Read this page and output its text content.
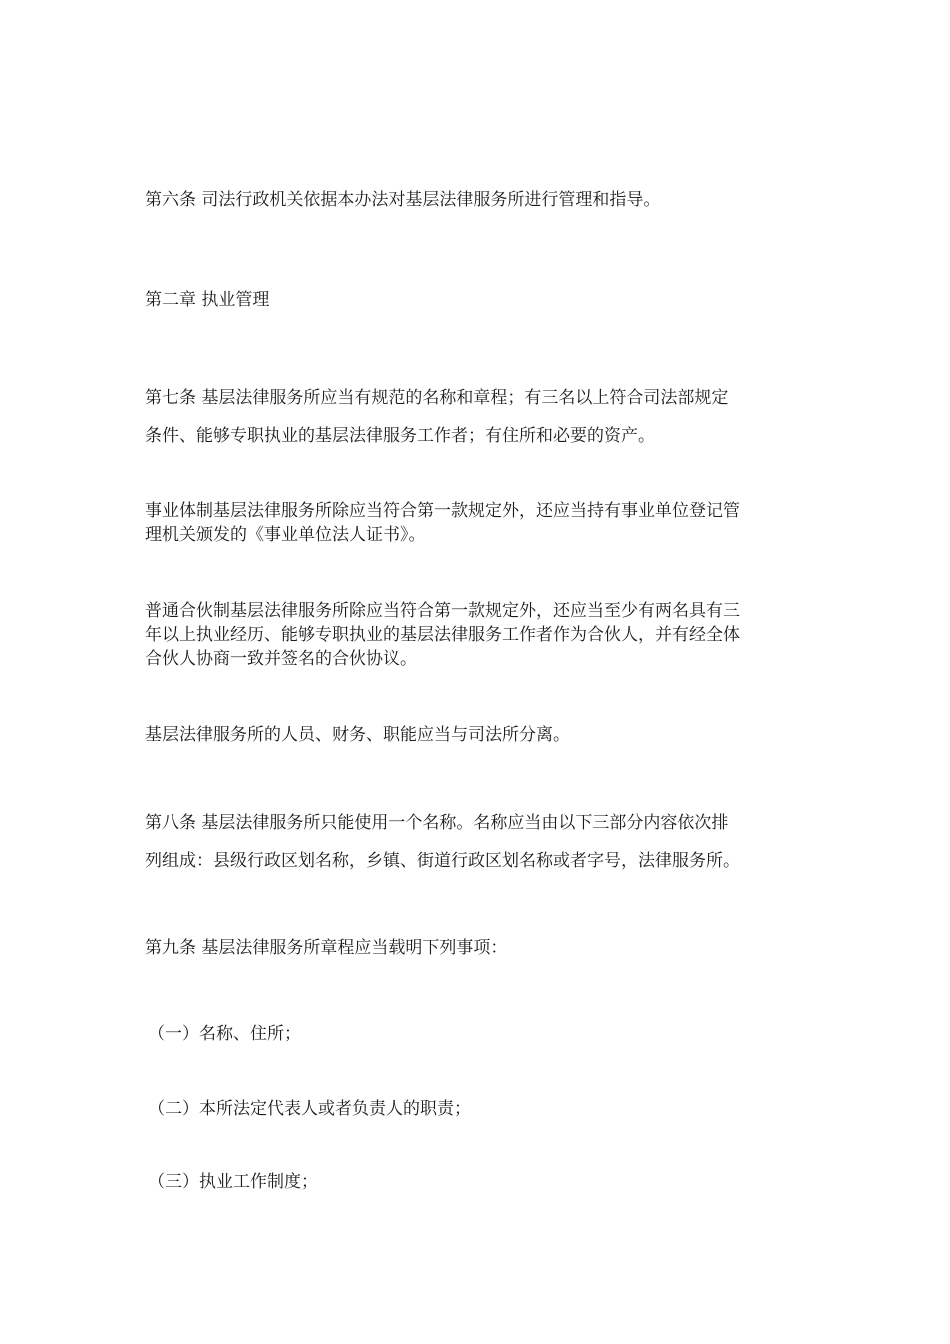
第六条 司法行政机关依据本办法对基层法律服务所进行管理和指导。

第二章 执业管理

第七条 基层法律服务所应当有规范的名称和章程；有三名以上符合司法部规定
条件、能够专职执业的基层法律服务工作者；有住所和必要的资产。

事业体制基层法律服务所除应当符合第一款规定外，还应当持有事业单位登记管
理机关颁发的《事业单位法人证书》。

普通合伙制基层法律服务所除应当符合第一款规定外，还应当至少有两名具有三
年以上执业经历、能够专职执业的基层法律服务工作者作为合伙人，并有经全体
合伙人协商一致并签名的合伙协议。

基层法律服务所的人员、财务、职能应当与司法所分离。

第八条 基层法律服务所只能使用一个名称。名称应当由以下三部分内容依次排
列组成：县级行政区划名称，乡镇、街道行政区划名称或者字号，法律服务所。

第九条 基层法律服务所章程应当载明下列事项：

（一）名称、住所；

（二）本所法定代表人或者负责人的职责；

（三）执业工作制度；
